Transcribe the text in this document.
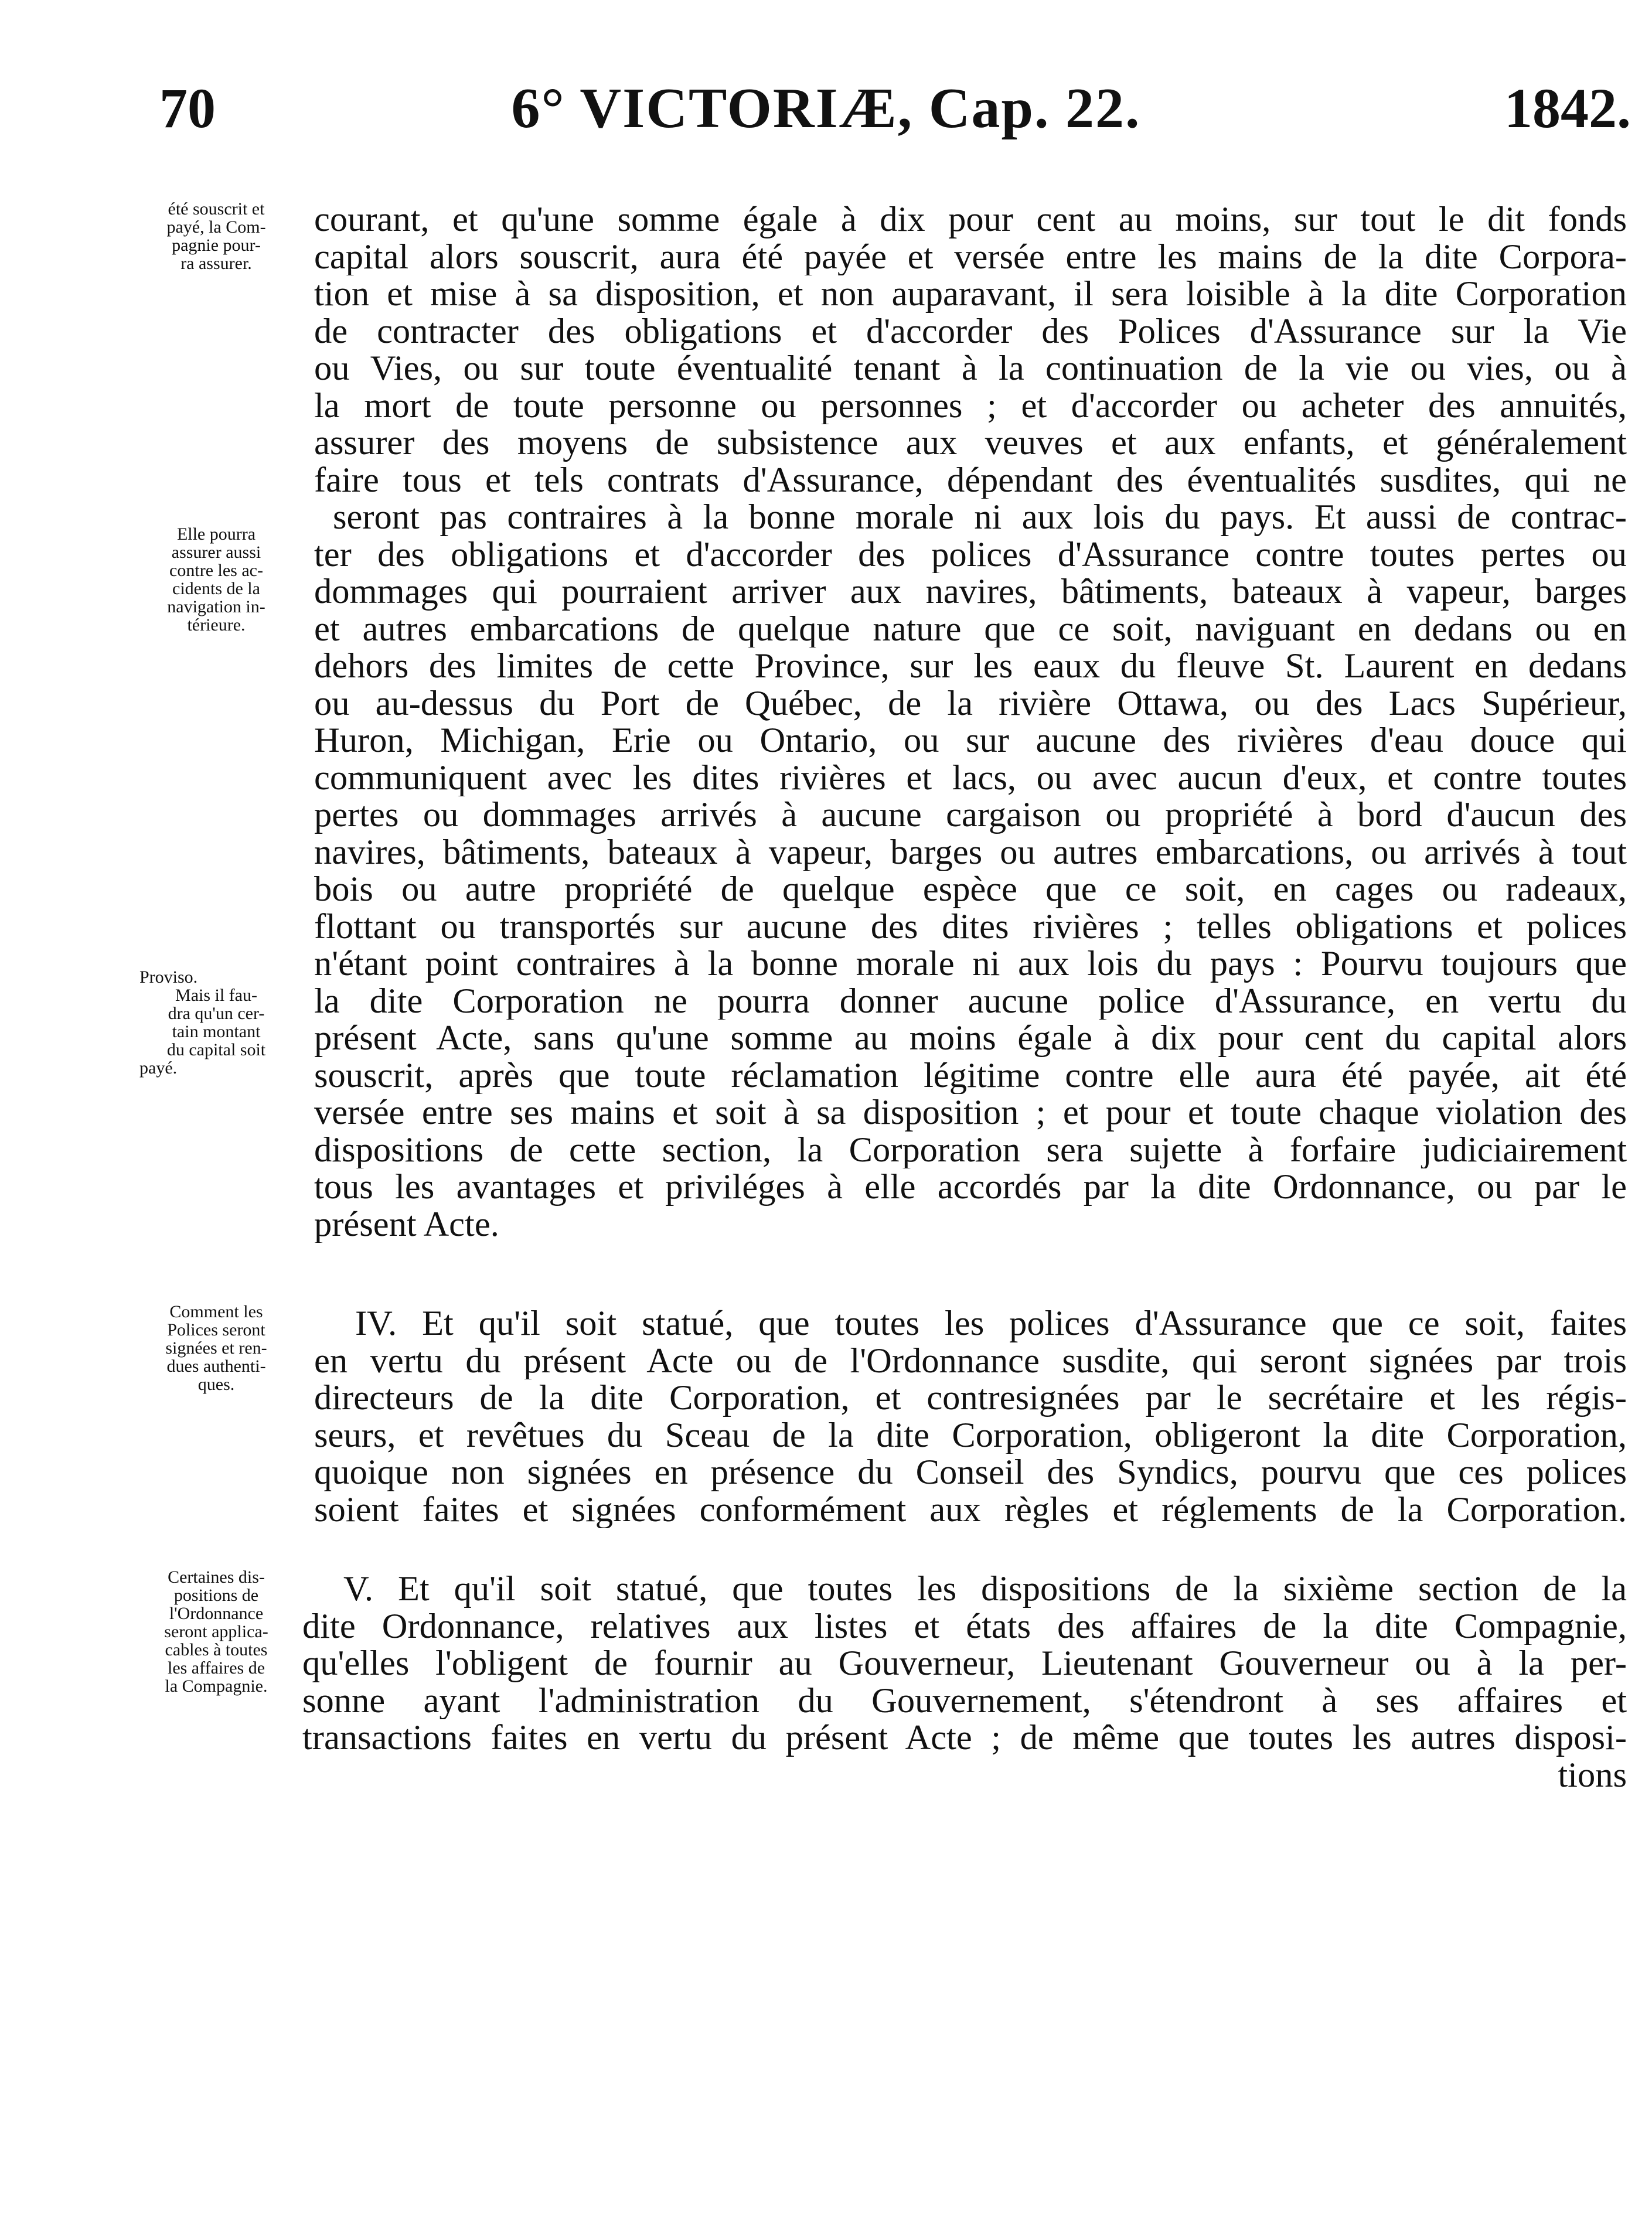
70	6° VICTORIÆ, Cap. 22.	1842.
été souscrit et
payé, la Com-
pagnie pour-
ra assurer.
Elle pourra
assurer aussi
contre les ac-
cidents de la
navigation in-
térieure.
Proviso.
Mais il fau-
dra qu'un cer-
tain montant
du capital soit
payé.
courant, et qu'une somme égale à dix pour cent au moins, sur tout le dit fonds
capital alors souscrit, aura été payée et versée entre les mains de la dite Corpora-
tion et mise à sa disposition, et non auparavant, il sera loisible à la dite Corporation
de contracter des obligations et d'accorder des Polices d'Assurance sur la Vie
ou Vies, ou sur toute éventualité tenant à la continuation de la vie ou vies, ou à
la mort de toute personne ou personnes ; et d'accorder ou acheter des annuités,
assurer des moyens de subsistence aux veuves et aux enfants, et généralement
faire tous et tels contrats d'Assurance, dépendant des éventualités susdites, qui ne
seront pas contraires à la bonne morale ni aux lois du pays. Et aussi de contrac-
ter des obligations et d'accorder des polices d'Assurance contre toutes pertes ou
dommages qui pourraient arriver aux navires, bâtiments, bateaux à vapeur, barges
et autres embarcations de quelque nature que ce soit, naviguant en dedans ou en
dehors des limites de cette Province, sur les eaux du fleuve St. Laurent en dedans
ou au-dessus du Port de Québec, de la rivière Ottawa, ou des Lacs Supérieur,
Huron, Michigan, Erie ou Ontario, ou sur aucune des rivières d'eau douce qui
communiquent avec les dites rivières et lacs, ou avec aucun d'eux, et contre toutes
pertes ou dommages arrivés à aucune cargaison ou propriété à bord d'aucun des
navires, bâtiments, bateaux à vapeur, barges ou autres embarcations, ou arrivés à tout
bois ou autre propriété de quelque espèce que ce soit, en cages ou radeaux,
flottant ou transportés sur aucune des dites rivières ; telles obligations et polices
n'étant point contraires à la bonne morale ni aux lois du pays : Pourvu toujours que
la dite Corporation ne pourra donner aucune police d'Assurance, en vertu du
présent Acte, sans qu'une somme au moins égale à dix pour cent du capital alors
souscrit, après que toute réclamation légitime contre elle aura été payée, ait été
versée entre ses mains et soit à sa disposition ; et pour et toute chaque violation des
dispositions de cette section, la Corporation sera sujette à forfaire judiciairement
tous les avantages et priviléges à elle accordés par la dite Ordonnance, ou par le
présent Acte.
Comment les
Polices seront
signées et ren-
dues authenti-
ques.
IV. Et qu'il soit statué, que toutes les polices d'Assurance que ce soit, faites
en vertu du présent Acte ou de l'Ordonnance susdite, qui seront signées par trois
directeurs de la dite Corporation, et contresignées par le secrétaire et les régis-
seurs, et revêtues du Sceau de la dite Corporation, obligeront la dite Corporation,
quoique non signées en présence du Conseil des Syndics, pourvu que ces polices
soient faites et signées conformément aux règles et réglements de la Corporation.
Certaines dis-
positions de
l'Ordonnance
seront applica-
cables à toutes
les affaires de
la Compagnie.
V. Et qu'il soit statué, que toutes les dispositions de la sixième section de la
dite Ordonnance, relatives aux listes et états des affaires de la dite Compagnie,
qu'elles l'obligent de fournir au Gouverneur, Lieutenant Gouverneur ou à la per-
sonne ayant l'administration du Gouvernement, s'étendront à ses affaires et
transactions faites en vertu du présent Acte ; de même que toutes les autres disposi-
tions
